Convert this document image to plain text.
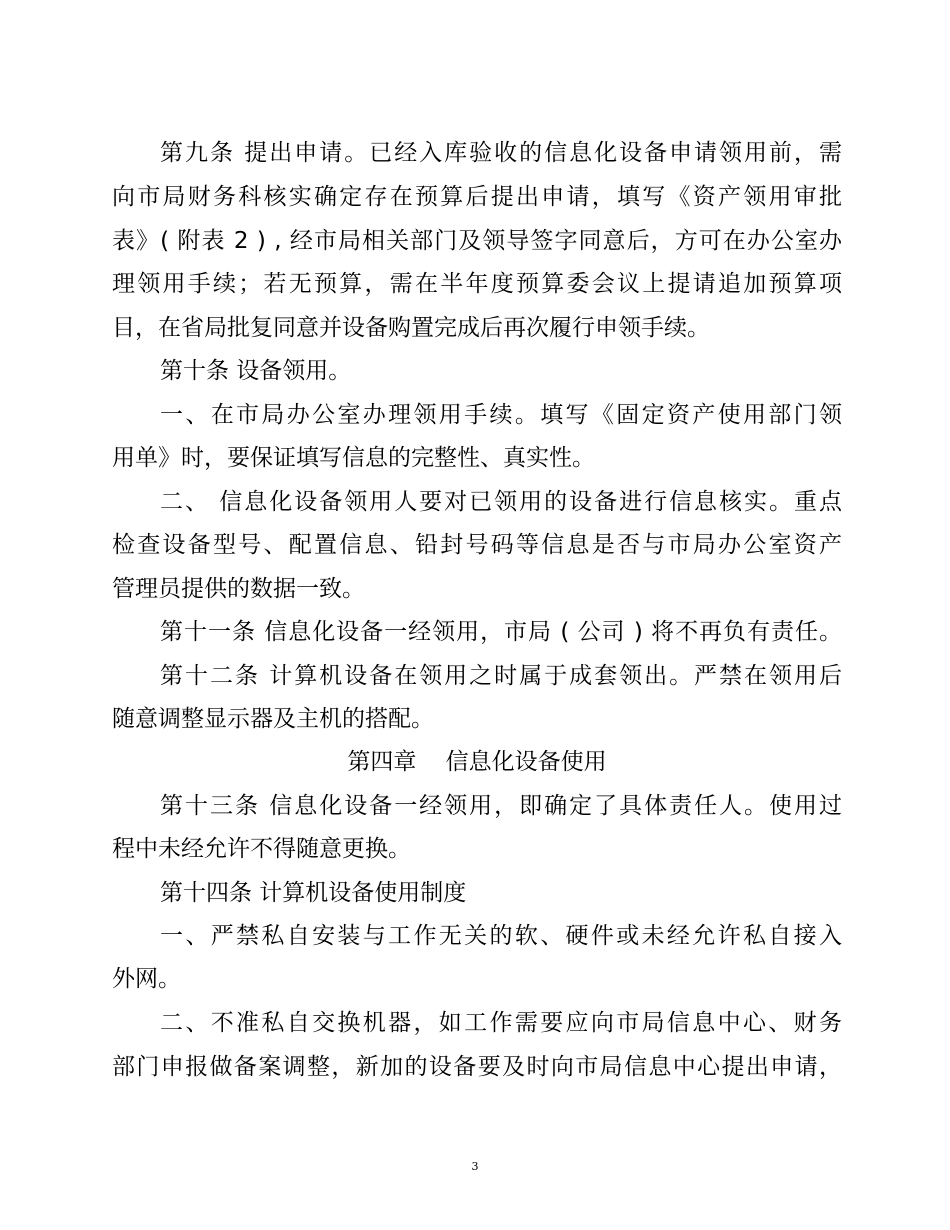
第九条 提出申请。已经入库验收的信息化设备申请领用前，需
向市局财务科核实确定存在预算后提出申请，填写《资产领用审批
表》( 附表 2 ) , 经市局相关部门及领导签字同意后，方可在办公室办
理领用手续；若无预算，需在半年度预算委会议上提请追加预算项
目，在省局批复同意并设备购置完成后再次履行申领手续。
第十条 设备领用。
一、在市局办公室办理领用手续。填写《固定资产使用部门领
用单》时，要保证填写信息的完整性、真实性。
二、 信息化设备领用人要对已领用的设备进行信息核实。重点
检查设备型号、配置信息、铅封号码等信息是否与市局办公室资产
管理员提供的数据一致。
第十一条 信息化设备一经领用，市局 ( 公司 ) 将不再负有责任。
第十二条 计算机设备在领用之时属于成套领出。严禁在领用后
随意调整显示器及主机的搭配。
第四章    信息化设备使用
第十三条 信息化设备一经领用，即确定了具体责任人。使用过
程中未经允许不得随意更换。
第十四条 计算机设备使用制度
一、严禁私自安装与工作无关的软、硬件或未经允许私自接入
外网。
二、不准私自交换机器，如工作需要应向市局信息中心、财务
部门申报做备案调整，新加的设备要及时向市局信息中心提出申请，
3
